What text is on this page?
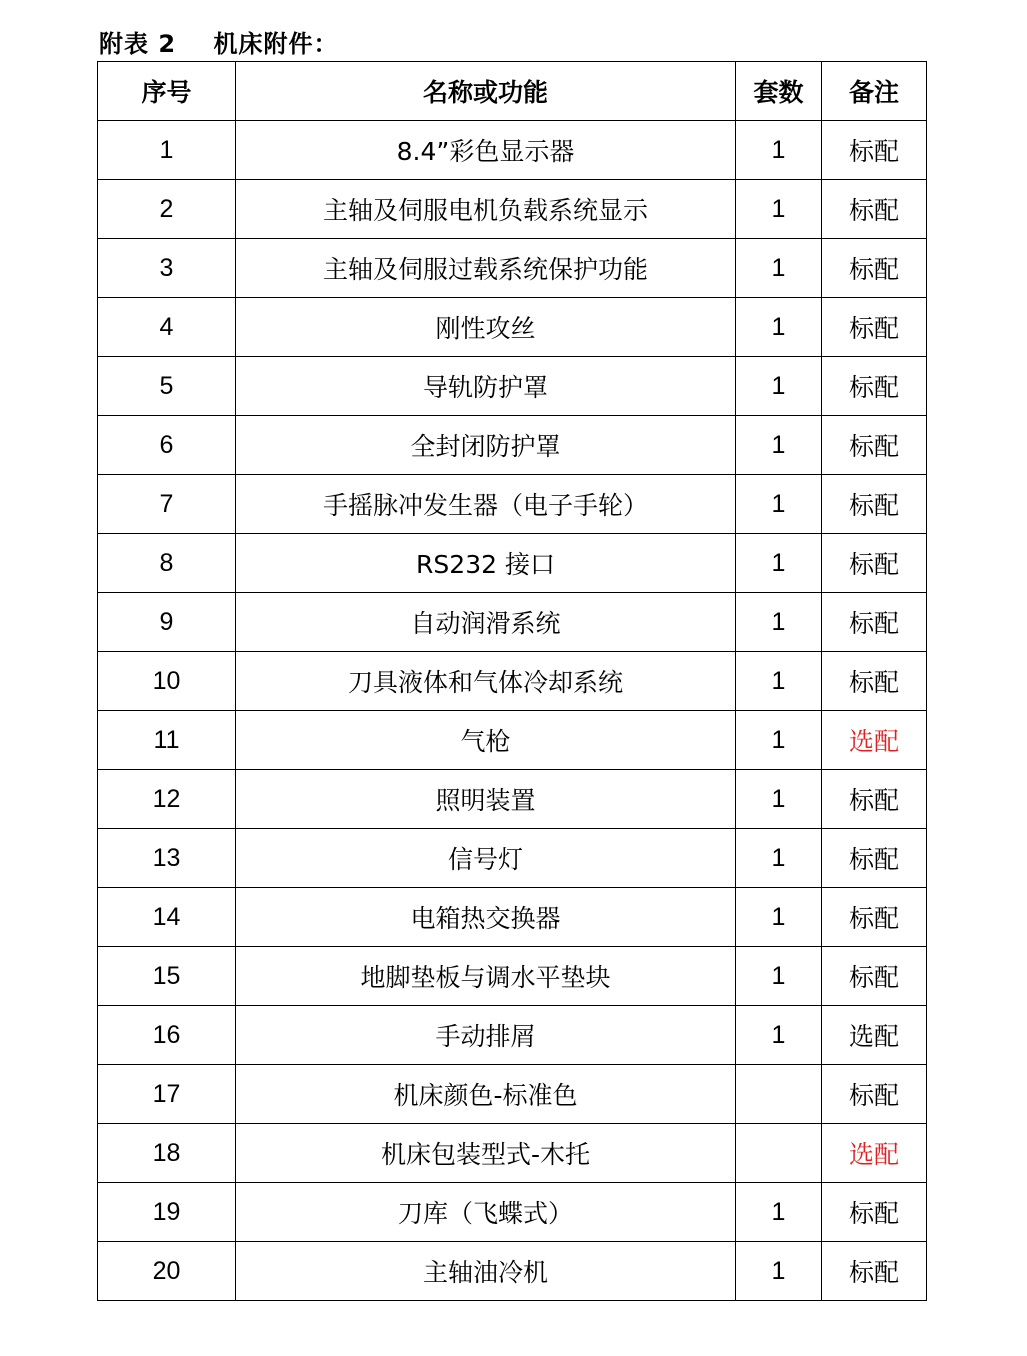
附表 2    机床附件：
序号	名称或功能	套数	备注
1	8.4”彩色显示器	1	标配
2	主轴及伺服电机负载系统显示	1	标配
3	主轴及伺服过载系统保护功能	1	标配
4	刚性攻丝	1	标配
5	导轨防护罩	1	标配
6	全封闭防护罩	1	标配
7	手摇脉冲发生器（电子手轮）	1	标配
8	RS232 接口	1	标配
9	自动润滑系统	1	标配
10	刀具液体和气体冷却系统	1	标配
11	气枪	1	选配
12	照明装置	1	标配
13	信号灯	1	标配
14	电箱热交换器	1	标配
15	地脚垫板与调水平垫块	1	标配
16	手动排屑	1	选配
17	机床颜色-标准色		标配
18	机床包装型式-木托		选配
19	刀库（飞蝶式）	1	标配
20	主轴油冷机	1	标配
